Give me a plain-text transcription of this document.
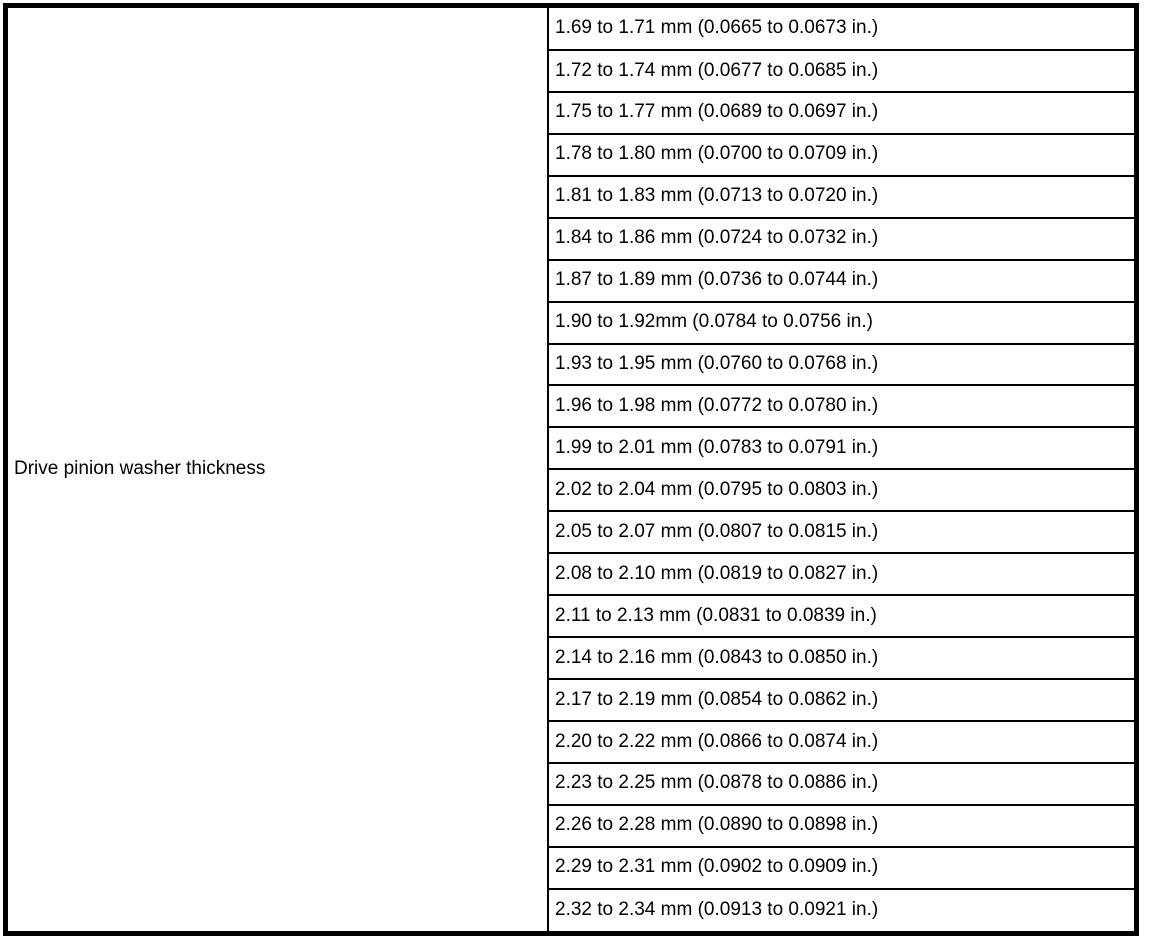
Drive pinion washer thickness	1.69 to 1.71 mm (0.0665 to 0.0673 in.)
1.72 to 1.74 mm (0.0677 to 0.0685 in.)
1.75 to 1.77 mm (0.0689 to 0.0697 in.)
1.78 to 1.80 mm (0.0700 to 0.0709 in.)
1.81 to 1.83 mm (0.0713 to 0.0720 in.)
1.84 to 1.86 mm (0.0724 to 0.0732 in.)
1.87 to 1.89 mm (0.0736 to 0.0744 in.)
1.90 to 1.92mm (0.0784 to 0.0756 in.)
1.93 to 1.95 mm (0.0760 to 0.0768 in.)
1.96 to 1.98 mm (0.0772 to 0.0780 in.)
1.99 to 2.01 mm (0.0783 to 0.0791 in.)
2.02 to 2.04 mm (0.0795 to 0.0803 in.)
2.05 to 2.07 mm (0.0807 to 0.0815 in.)
2.08 to 2.10 mm (0.0819 to 0.0827 in.)
2.11 to 2.13 mm (0.0831 to 0.0839 in.)
2.14 to 2.16 mm (0.0843 to 0.0850 in.)
2.17 to 2.19 mm (0.0854 to 0.0862 in.)
2.20 to 2.22 mm (0.0866 to 0.0874 in.)
2.23 to 2.25 mm (0.0878 to 0.0886 in.)
2.26 to 2.28 mm (0.0890 to 0.0898 in.)
2.29 to 2.31 mm (0.0902 to 0.0909 in.)
2.32 to 2.34 mm (0.0913 to 0.0921 in.)
